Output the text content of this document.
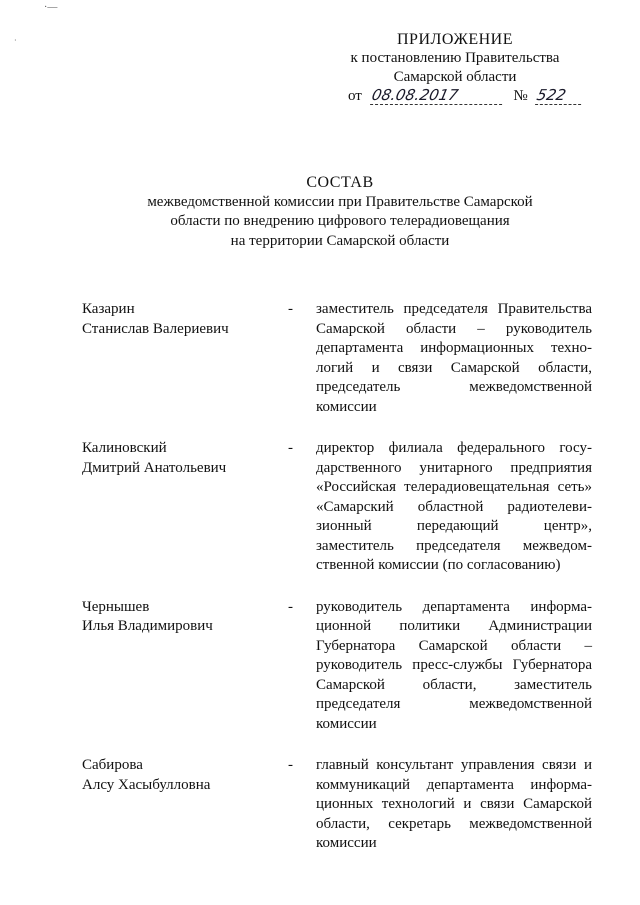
·—
·	ПРИЛОЖЕНИЕ
к постановлению Правительства
Самарской области
от 08.08.2017	№ 522
СОСТАВ
межведомственной комиссии при Правительстве Самарской
области по внедрению цифрового телерадиовещания
на территории Самарской области
Казарин
Станислав Валериевич
-	заместитель председателя Правительства
Самарской области – руководитель
департамента информационных техно-
логий и связи Самарской области,
председатель межведомственной
комиссии
Калиновский
Дмитрий Анатольевич
-	директор филиала федерального госу-
дарственного унитарного предприятия
«Российская телерадиовещательная сеть»
«Самарский областной радиотелеви-
зионный передающий центр»,
заместитель председателя межведом-
ственной комиссии (по согласованию)
Чернышев
Илья Владимирович
-	руководитель департамента информа-
ционной политики Администрации
Губернатора Самарской области –
руководитель пресс-службы Губернатора
Самарской области, заместитель
председателя межведомственной
комиссии
Сабирова
Алсу Хасыбулловна
-	главный консультант управления связи и
коммуникаций департамента информа-
ционных технологий и связи Самарской
области, секретарь межведомственной
комиссии
